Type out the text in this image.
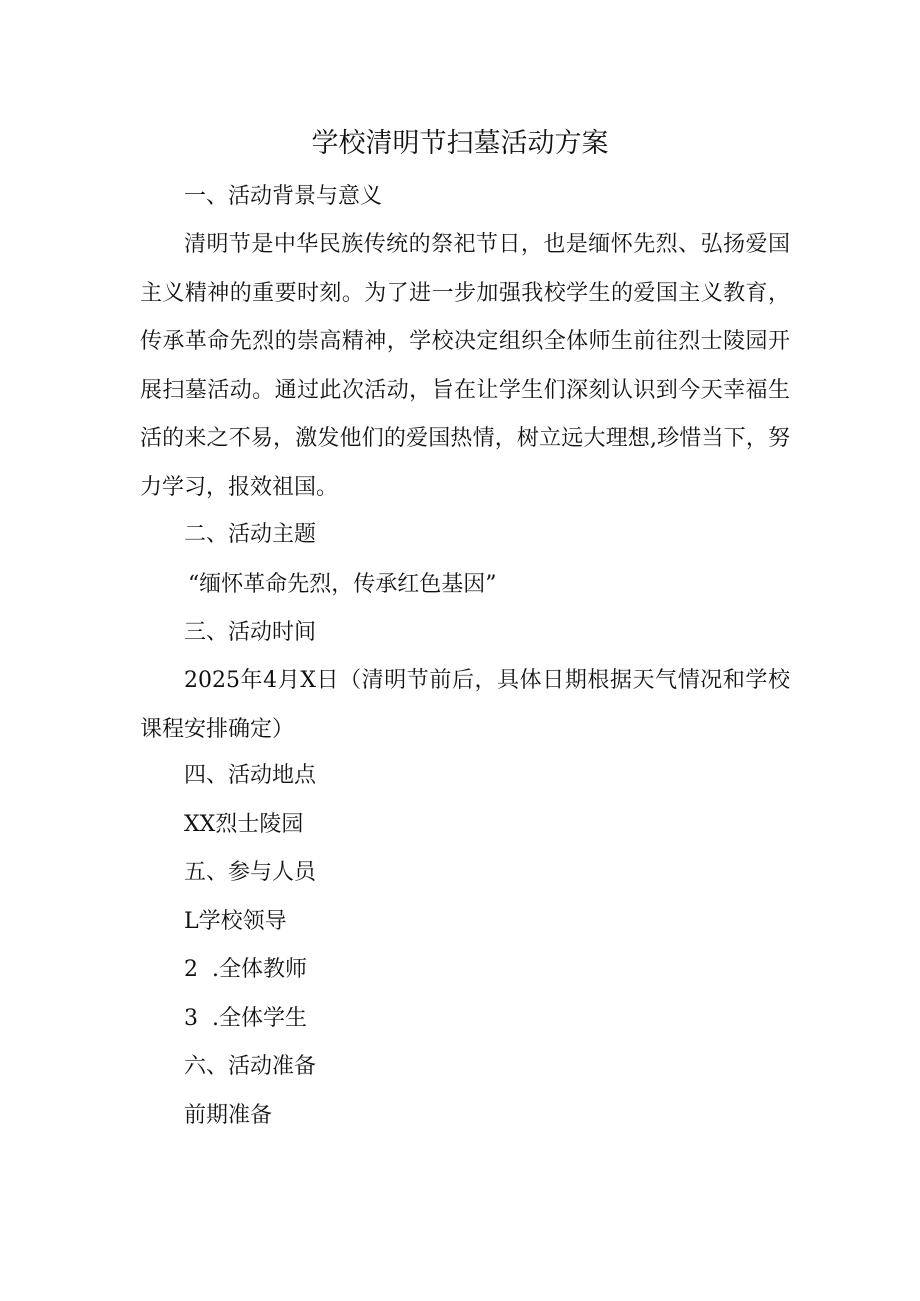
学校清明节扫墓活动方案
一、活动背景与意义
清明节是中华民族传统的祭祀节日，也是缅怀先烈、弘扬爱国主义精神的重要时刻。为了进一步加强我校学生的爱国主义教育，传承革命先烈的崇高精神，学校决定组织全体师生前往烈士陵园开展扫墓活动。通过此次活动，旨在让学生们深刻认识到今天幸福生活的来之不易，激发他们的爱国热情，树立远大理想,珍惜当下，努力学习，报效祖国。
二、活动主题
“缅怀革命先烈，传承红色基因”
三、活动时间
2025年4月X日（清明节前后，具体日期根据天气情况和学校课程安排确定）
四、活动地点
XX烈士陵园
五、参与人员
L学校领导
2  .全体教师
3  .全体学生
六、活动准备
前期准备
